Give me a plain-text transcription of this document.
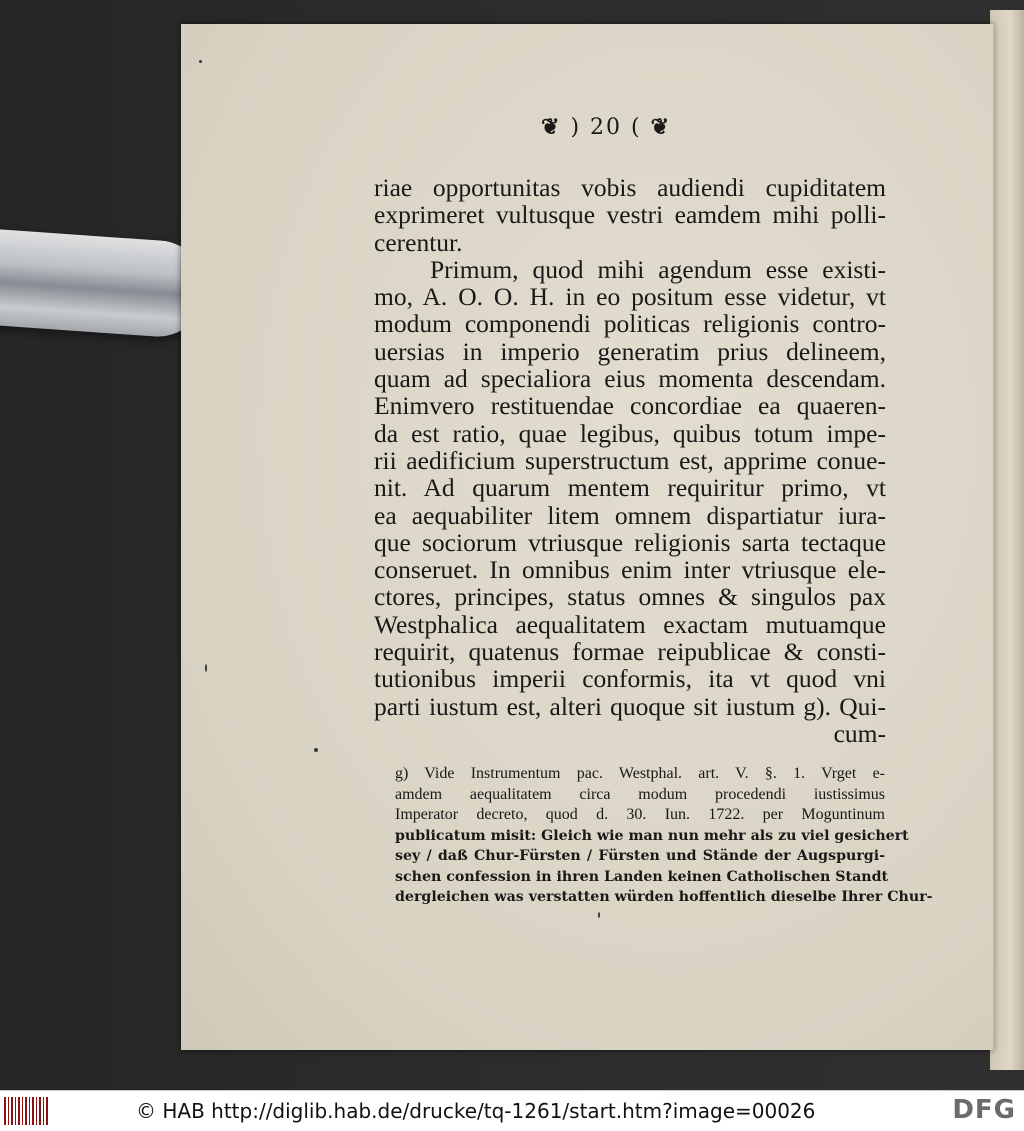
❦ ) 20 ( ❦
riae opportunitas vobis audiendi cupiditatem
exprimeret vultusque vestri eamdem mihi polli-
cerentur.
Primum, quod mihi agendum esse existi-
mo, A. O. O. H. in eo positum esse videtur, vt
modum componendi politicas religionis contro-
uersias in imperio generatim prius delineem,
quam ad specialiora eius momenta descendam.
Enimvero restituendae concordiae ea quaeren-
da est ratio, quae legibus, quibus totum impe-
rii aedificium superstructum est, apprime conue-
nit. Ad quarum mentem requiritur primo, vt
ea aequabiliter litem omnem dispartiatur iura-
que sociorum vtriusque religionis sarta tectaque
conseruet. In omnibus enim inter vtriusque ele-
ctores, principes, status omnes & singulos pax
Westphalica aequalitatem exactam mutuamque
requirit, quatenus formae reipublicae & consti-
tutionibus imperii conformis, ita vt quod vni
parti iustum est, alteri quoque sit iustum g). Qui-
cum-
g) Vide Instrumentum pac. Westphal. art. V. §. 1. Vrget e-
amdem aequalitatem circa modum procedendi iustissimus
Imperator decreto, quod d. 30. Iun. 1722. per Moguntinum
publicatum misit: Gleich wie man nun mehr als zu viel gesichert
sey / daß Chur-Fürsten / Fürsten und Stände der Augspurgi-
schen confession in ihren Landen keinen Catholischen Standt
dergleichen was verstatten würden hoffentlich dieselbe Ihrer Chur-
© HAB http://diglib.hab.de/drucke/tq-1261/start.htm?image=00026	DFG
